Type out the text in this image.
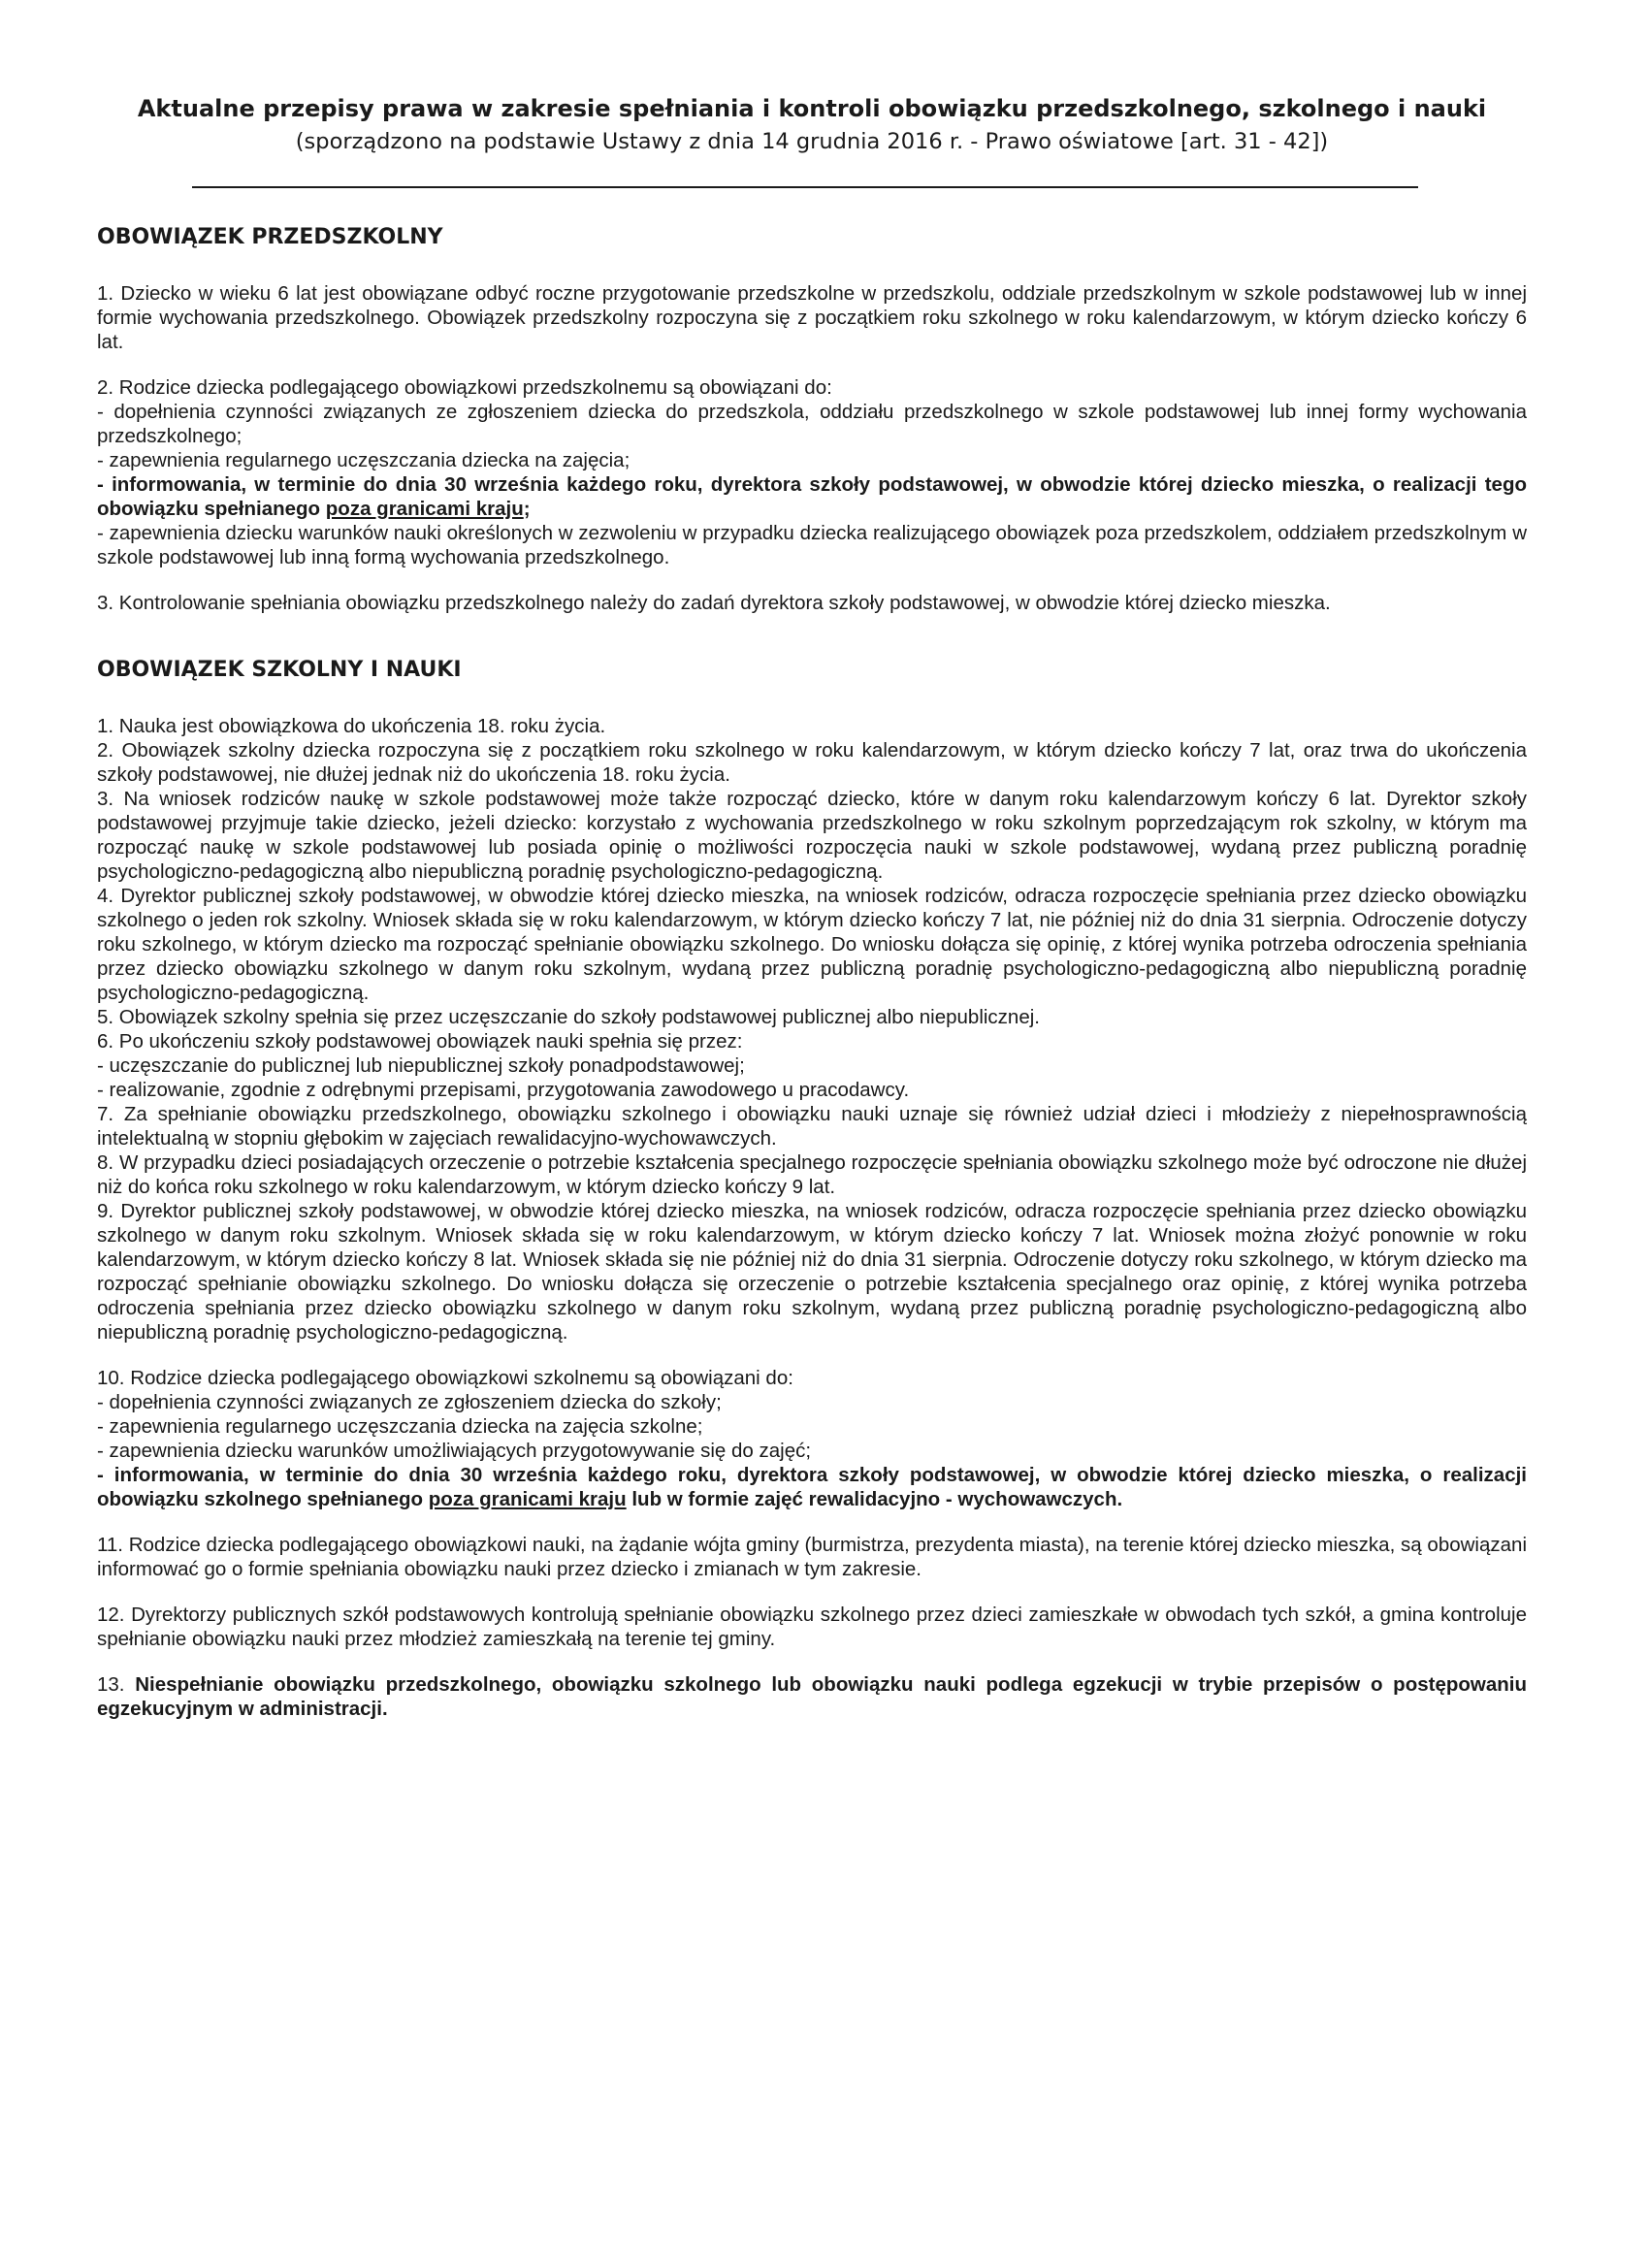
Aktualne przepisy prawa w zakresie spełniania i kontroli obowiązku przedszkolnego, szkolnego i nauki

(sporządzono na podstawie Ustawy z dnia 14 grudnia 2016 r. - Prawo oświatowe [art. 31 - 42])

OBOWIĄZEK PRZEDSZKOLNY

1. Dziecko w wieku 6 lat jest obowiązane odbyć roczne przygotowanie przedszkolne w przedszkolu, oddziale przedszkolnym w szkole podstawowej lub w innej formie wychowania przedszkolnego. Obowiązek przedszkolny rozpoczyna się z początkiem roku szkolnego w roku kalendarzowym, w którym dziecko kończy 6 lat.

2. Rodzice dziecka podlegającego obowiązkowi przedszkolnemu są obowiązani do:

- dopełnienia czynności związanych ze zgłoszeniem dziecka do przedszkola, oddziału przedszkolnego w szkole podstawowej lub innej formy wychowania przedszkolnego;

- zapewnienia regularnego uczęszczania dziecka na zajęcia;

- informowania, w terminie do dnia 30 września każdego roku, dyrektora szkoły podstawowej, w obwodzie której dziecko mieszka, o realizacji tego obowiązku spełnianego poza granicami kraju;

- zapewnienia dziecku warunków nauki określonych w zezwoleniu w przypadku dziecka realizującego obowiązek poza przedszkolem, oddziałem przedszkolnym w szkole podstawowej lub inną formą wychowania przedszkolnego.

3. Kontrolowanie spełniania obowiązku przedszkolnego należy do zadań dyrektora szkoły podstawowej, w obwodzie której dziecko mieszka.

OBOWIĄZEK SZKOLNY I NAUKI

1. Nauka jest obowiązkowa do ukończenia 18. roku życia.

2. Obowiązek szkolny dziecka rozpoczyna się z początkiem roku szkolnego w roku kalendarzowym, w którym dziecko kończy 7 lat, oraz trwa do ukończenia szkoły podstawowej, nie dłużej jednak niż do ukończenia 18. roku życia.

3. Na wniosek rodziców naukę w szkole podstawowej może także rozpocząć dziecko, które w danym roku kalendarzowym kończy 6 lat. Dyrektor szkoły podstawowej przyjmuje takie dziecko, jeżeli dziecko: korzystało z wychowania przedszkolnego w roku szkolnym poprzedzającym rok szkolny, w którym ma rozpocząć naukę w szkole podstawowej lub posiada opinię o możliwości rozpoczęcia nauki w szkole podstawowej, wydaną przez publiczną poradnię psychologiczno-pedagogiczną albo niepubliczną poradnię psychologiczno-pedagogiczną.

4. Dyrektor publicznej szkoły podstawowej, w obwodzie której dziecko mieszka, na wniosek rodziców, odracza rozpoczęcie spełniania przez dziecko obowiązku szkolnego o jeden rok szkolny. Wniosek składa się w roku kalendarzowym, w którym dziecko kończy 7 lat, nie później niż do dnia 31 sierpnia. Odroczenie dotyczy roku szkolnego, w którym dziecko ma rozpocząć spełnianie obowiązku szkolnego. Do wniosku dołącza się opinię, z której wynika potrzeba odroczenia spełniania przez dziecko obowiązku szkolnego w danym roku szkolnym, wydaną przez publiczną poradnię psychologiczno-pedagogiczną albo niepubliczną poradnię psychologiczno-pedagogiczną.

5. Obowiązek szkolny spełnia się przez uczęszczanie do szkoły podstawowej publicznej albo niepublicznej.

6. Po ukończeniu szkoły podstawowej obowiązek nauki spełnia się przez:

- uczęszczanie do publicznej lub niepublicznej szkoły ponadpodstawowej;

- realizowanie, zgodnie z odrębnymi przepisami, przygotowania zawodowego u pracodawcy.

7. Za spełnianie obowiązku przedszkolnego, obowiązku szkolnego i obowiązku nauki uznaje się również udział dzieci i młodzieży z niepełnosprawnością intelektualną w stopniu głębokim w zajęciach rewalidacyjno-wychowawczych.

8. W przypadku dzieci posiadających orzeczenie o potrzebie kształcenia specjalnego rozpoczęcie spełniania obowiązku szkolnego może być odroczone nie dłużej niż do końca roku szkolnego w roku kalendarzowym, w którym dziecko kończy 9 lat.

9. Dyrektor publicznej szkoły podstawowej, w obwodzie której dziecko mieszka, na wniosek rodziców, odracza rozpoczęcie spełniania przez dziecko obowiązku szkolnego w danym roku szkolnym. Wniosek składa się w roku kalendarzowym, w którym dziecko kończy 7 lat. Wniosek można złożyć ponownie w roku kalendarzowym, w którym dziecko kończy 8 lat. Wniosek składa się nie później niż do dnia 31 sierpnia. Odroczenie dotyczy roku szkolnego, w którym dziecko ma rozpocząć spełnianie obowiązku szkolnego. Do wniosku dołącza się orzeczenie o potrzebie kształcenia specjalnego oraz opinię, z której wynika potrzeba odroczenia spełniania przez dziecko obowiązku szkolnego w danym roku szkolnym, wydaną przez publiczną poradnię psychologiczno-pedagogiczną albo niepubliczną poradnię psychologiczno-pedagogiczną.

10. Rodzice dziecka podlegającego obowiązkowi szkolnemu są obowiązani do:

- dopełnienia czynności związanych ze zgłoszeniem dziecka do szkoły;

- zapewnienia regularnego uczęszczania dziecka na zajęcia szkolne;

- zapewnienia dziecku warunków umożliwiających przygotowywanie się do zajęć;

- informowania, w terminie do dnia 30 września każdego roku, dyrektora szkoły podstawowej, w obwodzie której dziecko mieszka, o realizacji obowiązku szkolnego spełnianego poza granicami kraju lub w formie zajęć rewalidacyjno - wychowawczych.

11. Rodzice dziecka podlegającego obowiązkowi nauki, na żądanie wójta gminy (burmistrza, prezydenta miasta), na terenie której dziecko mieszka, są obowiązani informować go o formie spełniania obowiązku nauki przez dziecko i zmianach w tym zakresie.

12. Dyrektorzy publicznych szkół podstawowych kontrolują spełnianie obowiązku szkolnego przez dzieci zamieszkałe w obwodach tych szkół, a gmina kontroluje spełnianie obowiązku nauki przez młodzież zamieszkałą na terenie tej gminy.

13. Niespełnianie obowiązku przedszkolnego, obowiązku szkolnego lub obowiązku nauki podlega egzekucji w trybie przepisów o postępowaniu egzekucyjnym w administracji.
